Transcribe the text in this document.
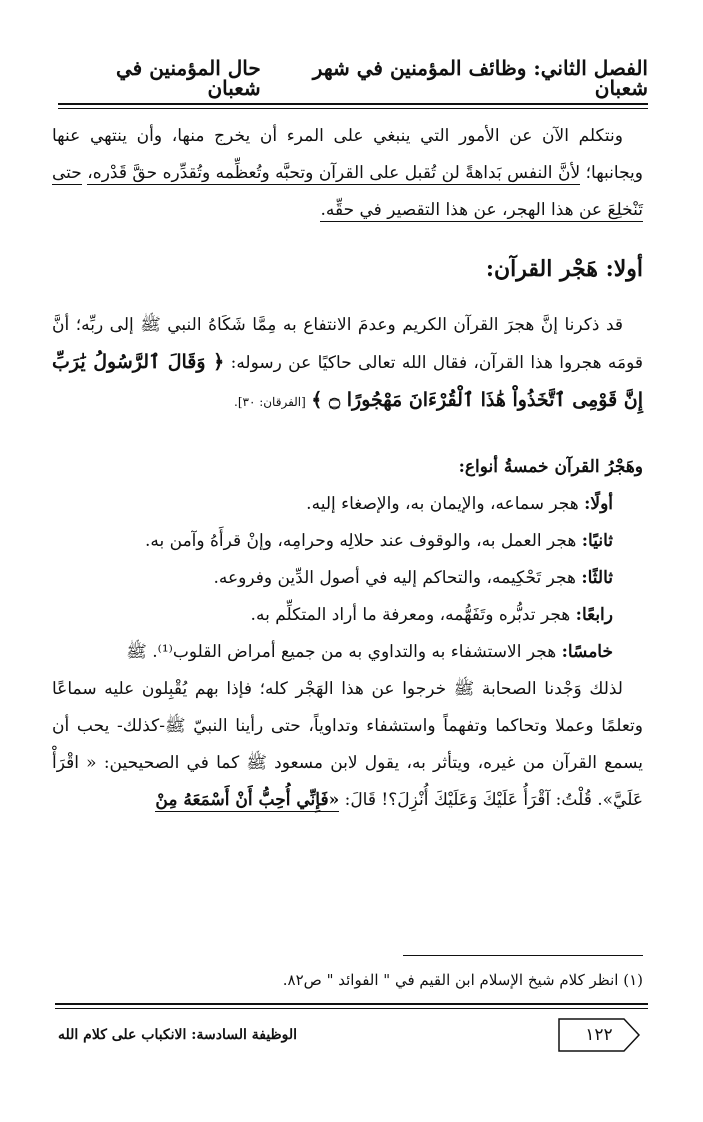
الفصل الثاني: وظائف المؤمنين في شهر شعبان
حال المؤمنين في شعبان

ونتكلم الآن عن الأمور التي ينبغي على المرء أن يخرج منها، وأن ينتهي عنها ويجانبها؛ لأنَّ النفس بَداهةً لن تُقبل على القرآن وتحبَّه وتُعظِّمه وتُقدِّره حقَّ قَدْره، حتى تَنْخلِعَ عن هذا الهجر، عن هذا التقصير في حقِّه.

أولا: هَجْر القرآن:

قد ذكرنا إنَّ هجرَ القرآن الكريم وعدمَ الانتفاع به مِمَّا شَكَاهُ النبي ﷺ إلى ربِّه؛ أنَّ قومَه هجروا هذا القرآن، فقال الله تعالى حاكيًا عن رسوله: ﴿ وَقَالَ ٱلرَّسُولُ يَٰرَبِّ إِنَّ قَوْمِى ٱتَّخَذُواْ هَٰذَا ٱلْقُرْءَانَ مَهْجُورًا ۝ ﴾ [الفرقان: ٣٠].

وهَجْرُ القرآن خمسةُ أنواع:

أولًا: هجر سماعه، والإيمان به، والإصغاء إليه.

ثانيًا: هجر العمل به، والوقوف عند حلالِه وحرامِه، وإنْ قرأَهُ وآمن به.

ثالثًا: هجر تَحْكِيمه، والتحاكم إليه في أصول الدِّين وفروعه.

رابعًا: هجر تدبُّره وتَفَهُّمه، ومعرفة ما أراد المتكلِّم به.

خامسًا: هجر الاستشفاء به والتداوي به من جميع أمراض القلوب⁽¹⁾. ﷺ

لذلك وَجْدنا الصحابة ﷺ خرجوا عن هذا الهَجْر كله؛ فإذا بهم يُقْبِلون عليه سماعًا وتعلمًا وعملا وتحاكما وتفهماً واستشفاء وتداوياً، حتى رأينا النبيّ ﷺ-كذلك- يحب أن يسمع القرآن من غيره، ويتأثر به، يقول لابن مسعود ﷺ كما في الصحيحين: « اقْرَأْ عَلَيَّ». قُلْتُ: آقْرَأُ عَلَيْكَ وَعَلَيْكَ أُنْزِلَ؟! قَالَ: «فَإِنِّي أُحِبُّ أَنْ أَسْمَعَهُ مِنْ

(١) انظر كلام شيخ الإسلام ابن القيم في " الفوائد " ص٨٢.
١٢٢
الوظيفة السادسة: الانكباب على كلام الله
